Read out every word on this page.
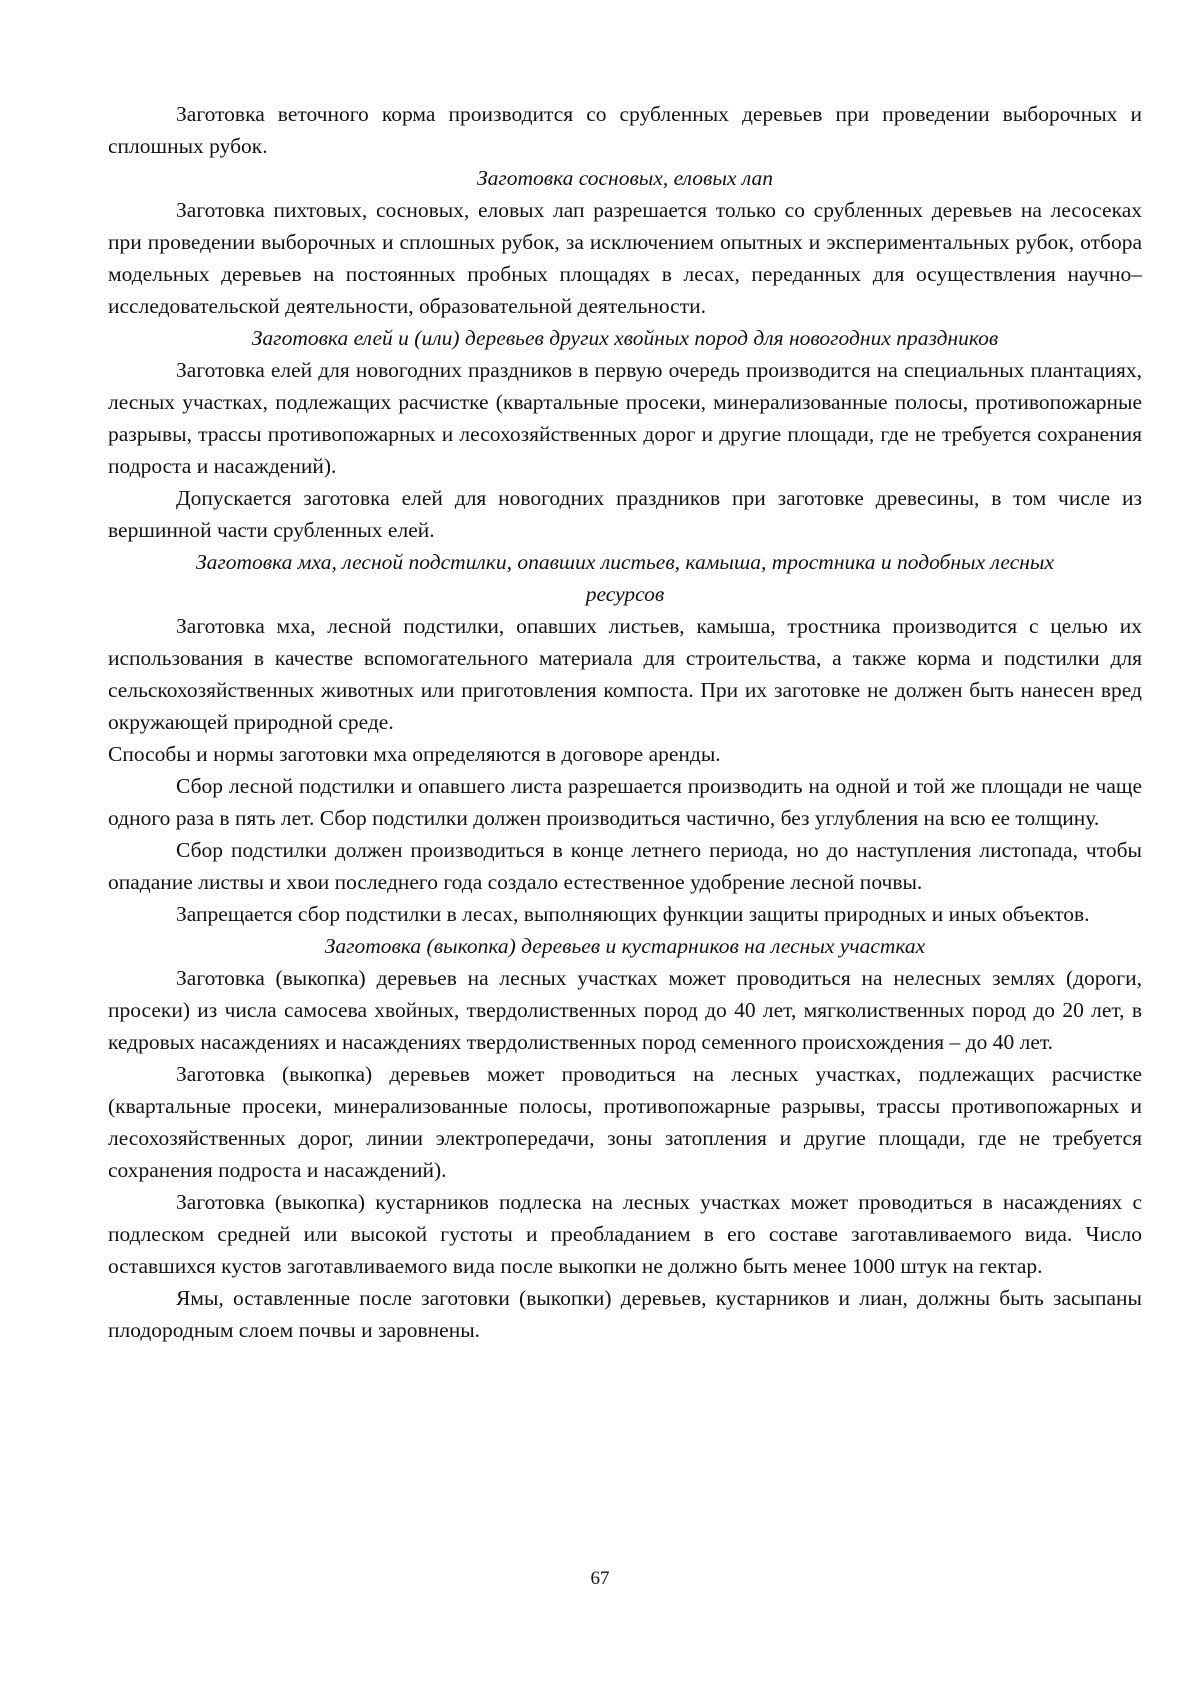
Заготовка веточного корма производится со срубленных деревьев при проведении выборочных и сплошных рубок.

Заготовка сосновых, еловых лап

Заготовка пихтовых, сосновых, еловых лап разрешается только со срубленных деревьев на лесосеках при проведении выборочных и сплошных рубок, за исключением опытных и экспериментальных рубок, отбора модельных деревьев на постоянных пробных площадях в лесах, переданных для осуществления научно–исследовательской деятельности, образовательной деятельности.

Заготовка елей и (или) деревьев других хвойных пород для новогодних праздников

Заготовка елей для новогодних праздников в первую очередь производится на специальных плантациях, лесных участках, подлежащих расчистке (квартальные просеки, минерализованные полосы, противопожарные разрывы, трассы противопожарных и лесохозяйственных дорог и другие площади, где не требуется сохранения подроста и насаждений).

Допускается заготовка елей для новогодних праздников при заготовке древесины, в том числе из вершинной части срубленных елей.

Заготовка мха, лесной подстилки, опавших листьев, камыша, тростника и подобных лесных ресурсов

Заготовка мха, лесной подстилки, опавших листьев, камыша, тростника производится с целью их использования в качестве вспомогательного материала для строительства, а также корма и подстилки для сельскохозяйственных животных или приготовления компоста. При их заготовке не должен быть нанесен вред окружающей природной среде.

Способы и нормы заготовки мха определяются в договоре аренды.

Сбор лесной подстилки и опавшего листа разрешается производить на одной и той же площади не чаще одного раза в пять лет. Сбор подстилки должен производиться частично, без углубления на всю ее толщину.

Сбор подстилки должен производиться в конце летнего периода, но до наступления листопада, чтобы опадание листвы и хвои последнего года создало естественное удобрение лесной почвы.

Запрещается сбор подстилки в лесах, выполняющих функции защиты природных и иных объектов.

Заготовка (выкопка) деревьев и кустарников на лесных участках

Заготовка (выкопка) деревьев на лесных участках может проводиться на нелесных землях (дороги, просеки) из числа самосева хвойных, твердолиственных пород до 40 лет, мягколиственных пород до 20 лет, в кедровых насаждениях и насаждениях твердолиственных пород семенного происхождения – до 40 лет.

Заготовка (выкопка) деревьев может проводиться на лесных участках, подлежащих расчистке (квартальные просеки, минерализованные полосы, противопожарные разрывы, трассы противопожарных и лесохозяйственных дорог, линии электропередачи, зоны затопления и другие площади, где не требуется сохранения подроста и насаждений).

Заготовка (выкопка) кустарников подлеска на лесных участках может проводиться в насаждениях с подлеском средней или высокой густоты и преобладанием в его составе заготавливаемого вида. Число оставшихся кустов заготавливаемого вида после выкопки не должно быть менее 1000 штук на гектар.

Ямы, оставленные после заготовки (выкопки) деревьев, кустарников и лиан, должны быть засыпаны плодородным слоем почвы и заровнены.

67
